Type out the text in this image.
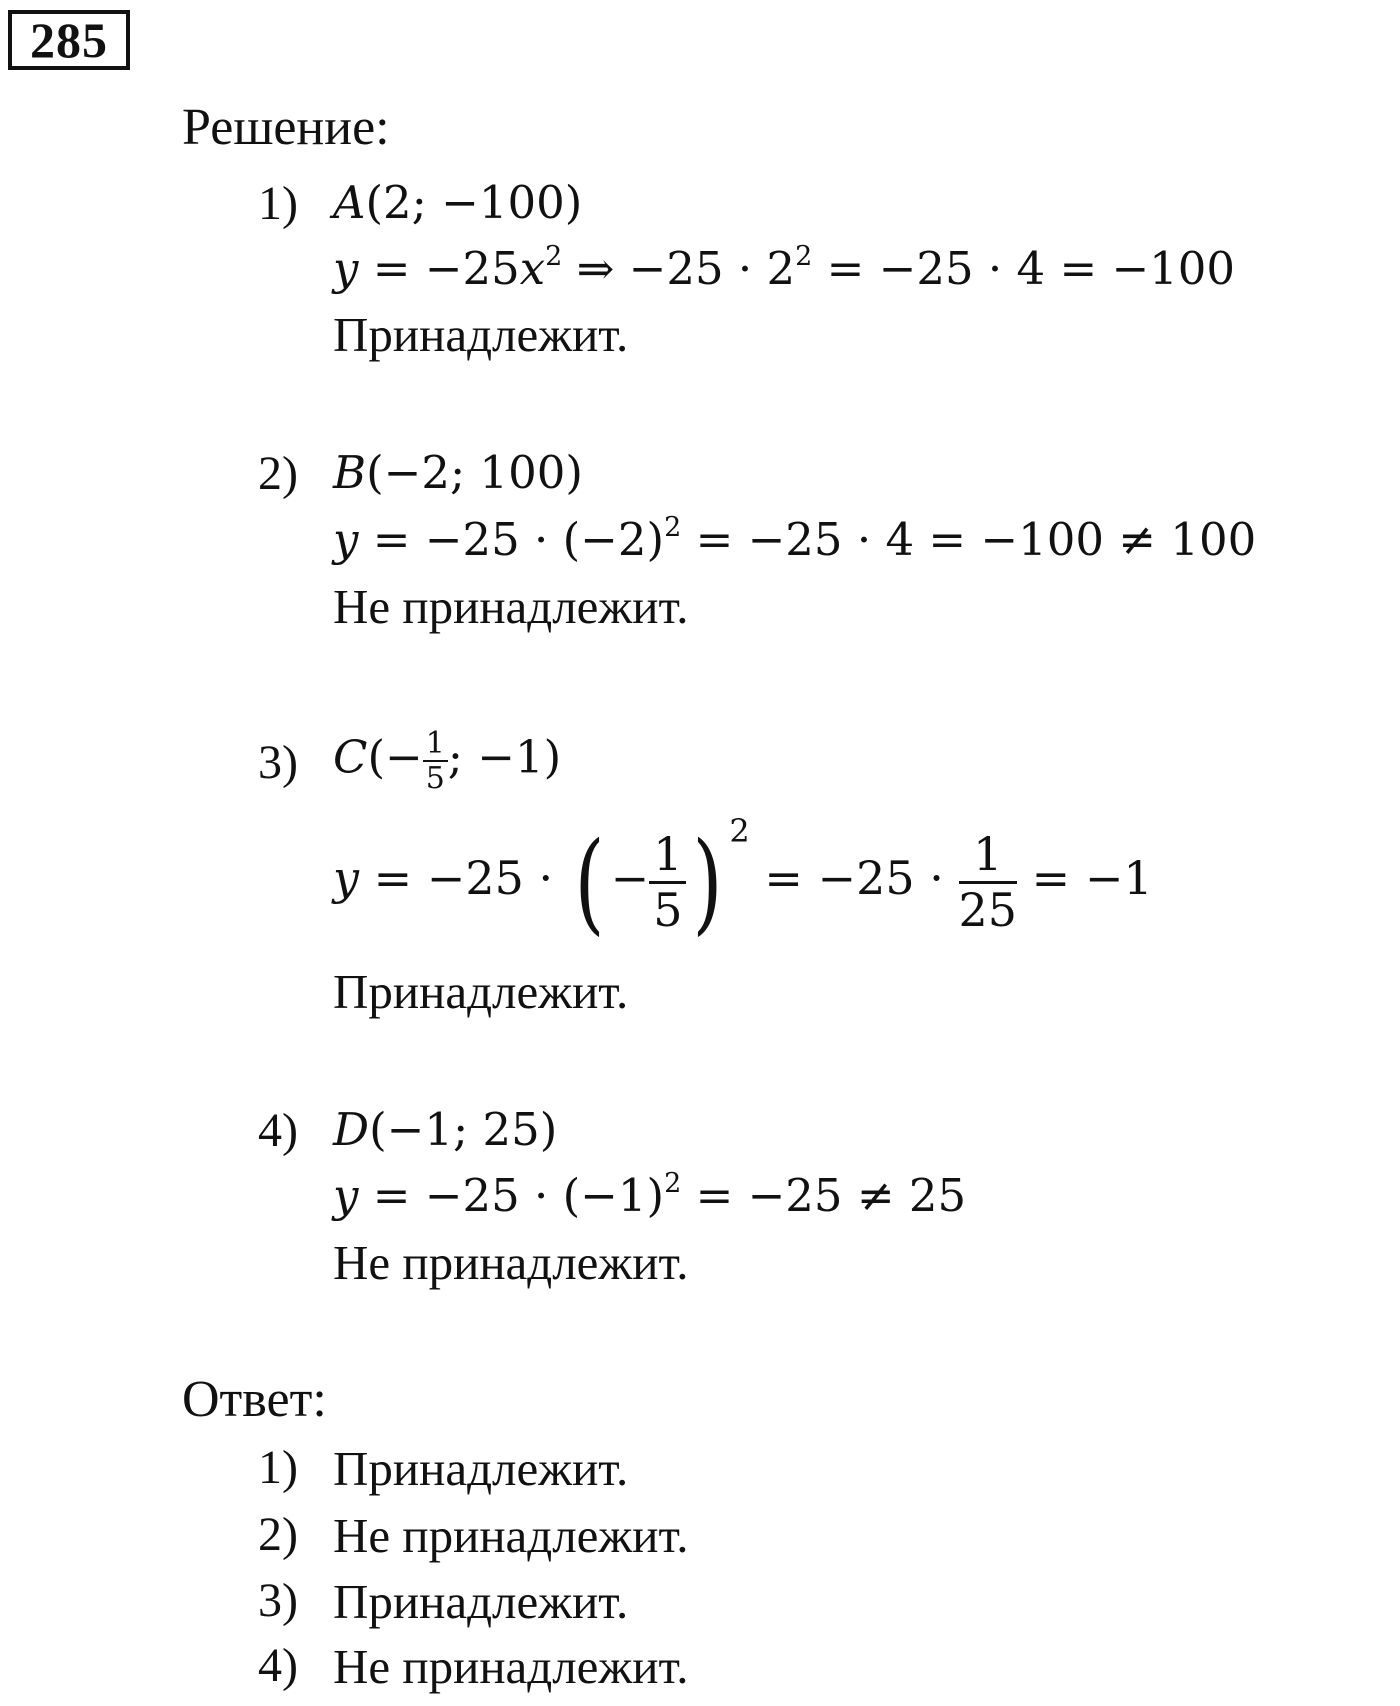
285
Решение:
1) A(2; −100)
$y = -25x^2$ ⇒ $-25 \cdot 2^2 = -25 \cdot 4 = -100$
Принадлежит.
2) B(−2; 100)
$y = -25 \cdot (-2)^2 = -25 \cdot 4 = -100 \ne 100$
Не принадлежит.
3) $C(- \frac{1}{5}$ ; −1)
y = −25 · ( − $\frac{1}{5}$ ) $2 = -25 \cdot \frac{1}{25} = -1$
Принадлежит.
4) D(−1; 25)
$y = -25 \cdot (-1)^2 = -25 \ne 25$
Не принадлежит.
Ответ:
1) Принадлежит.
2) Не принадлежит.
3) Принадлежит.
4) Не принадлежит.
